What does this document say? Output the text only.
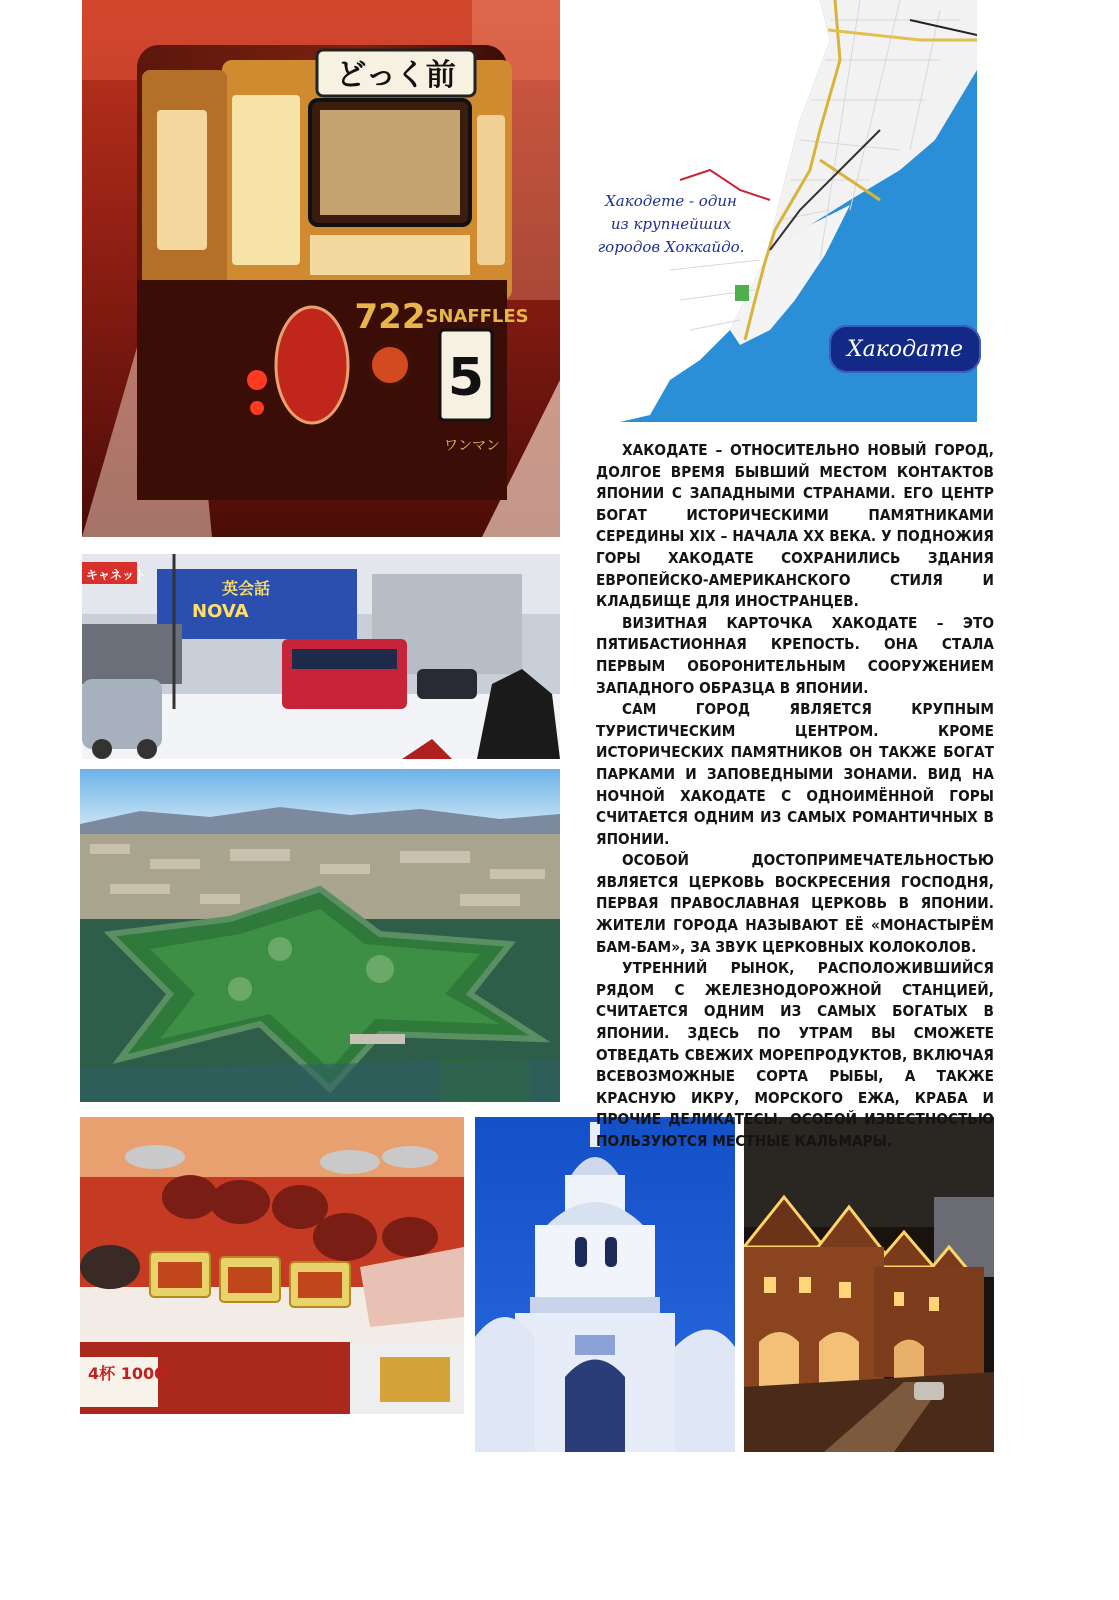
どっく前
5
722 SNAFFLES
ワンマン
Хакодете - один из крупнейших городов Хоккайдо.
Хакодате
英会話
NOVA
キャネット
4杯 1000-

ХАКОДАТЕ – ОТНОСИТЕЛЬНО НОВЫЙ ГОРОД, ДОЛГОЕ ВРЕМЯ БЫВШИЙ МЕСТОМ КОНТАКТОВ ЯПОНИИ С ЗАПАДНЫМИ СТРАНАМИ. ЕГО ЦЕНТР БОГАТ ИСТОРИЧЕСКИМИ ПАМЯТНИКАМИ СЕРЕДИНЫ XIX – НАЧАЛА XX ВЕКА. У ПОДНОЖИЯ ГОРЫ ХАКОДАТЕ СОХРАНИЛИСЬ ЗДАНИЯ ЕВРОПЕЙСКО-АМЕРИКАНСКОГО СТИЛЯ И КЛАДБИЩЕ ДЛЯ ИНОСТРАНЦЕВ.

ВИЗИТНАЯ КАРТОЧКА ХАКОДАТЕ – ЭТО ПЯТИБАСТИОННАЯ КРЕПОСТЬ. ОНА СТАЛА ПЕРВЫМ ОБОРОНИТЕЛЬНЫМ СООРУЖЕНИЕМ ЗАПАДНОГО ОБРАЗЦА В ЯПОНИИ.

САМ ГОРОД ЯВЛЯЕТСЯ КРУПНЫМ ТУРИСТИЧЕСКИМ ЦЕНТРОМ. КРОМЕ ИСТОРИЧЕСКИХ ПАМЯТНИКОВ ОН ТАКЖЕ БОГАТ ПАРКАМИ И ЗАПОВЕДНЫМИ ЗОНАМИ. ВИД НА НОЧНОЙ ХАКОДАТЕ С ОДНОИМЁННОЙ ГОРЫ СЧИТАЕТСЯ ОДНИМ ИЗ САМЫХ РОМАНТИЧНЫХ В ЯПОНИИ.

ОСОБОЙ ДОСТОПРИМЕЧАТЕЛЬНОСТЬЮ ЯВЛЯЕТСЯ ЦЕРКОВЬ ВОСКРЕСЕНИЯ ГОСПОДНЯ, ПЕРВАЯ ПРАВОСЛАВНАЯ ЦЕРКОВЬ В ЯПОНИИ. ЖИТЕЛИ ГОРОДА НАЗЫВАЮТ ЕЁ «МОНАСТЫРЁМ БАМ-БАМ», ЗА ЗВУК ЦЕРКОВНЫХ КОЛОКОЛОВ.

УТРЕННИЙ РЫНОК, РАСПОЛОЖИВШИЙСЯ РЯДОМ С ЖЕЛЕЗНОДОРОЖНОЙ СТАНЦИЕЙ, СЧИТАЕТСЯ ОДНИМ ИЗ САМЫХ БОГАТЫХ В ЯПОНИИ. ЗДЕСЬ ПО УТРАМ ВЫ СМОЖЕТЕ ОТВЕДАТЬ СВЕЖИХ МОРЕПРОДУКТОВ, ВКЛЮЧАЯ ВСЕВОЗМОЖНЫЕ СОРТА РЫБЫ, А ТАКЖЕ КРАСНУЮ ИКРУ, МОРСКОГО ЕЖА, КРАБА И ПРОЧИЕ ДЕЛИКАТЕСЫ. ОСОБОЙ ИЗВЕСТНОСТЬЮ ПОЛЬЗУЮТСЯ МЕСТНЫЕ КАЛЬМАРЫ.
